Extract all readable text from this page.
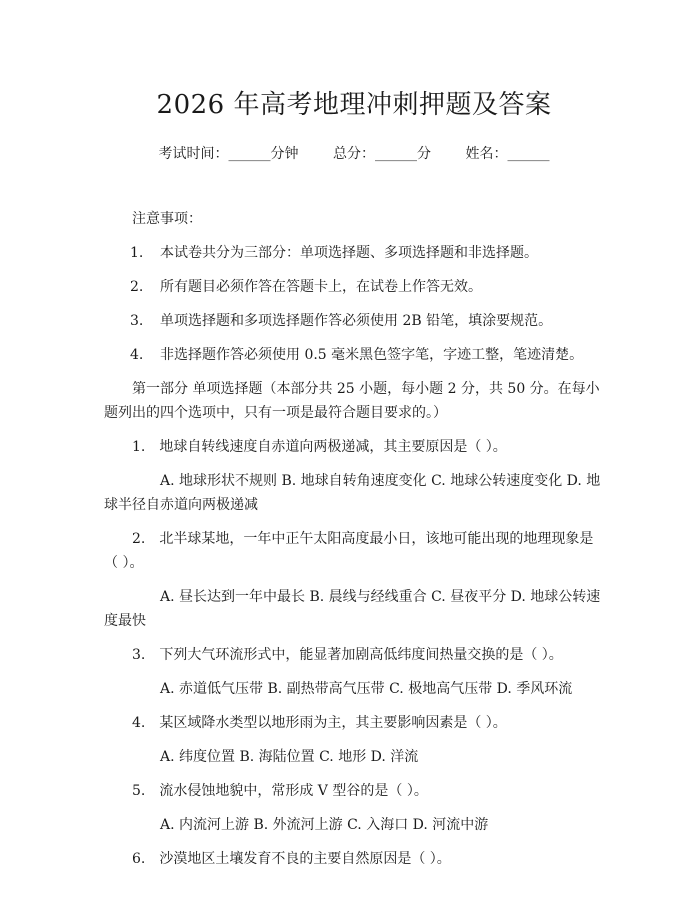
2026 年高考地理冲刺押题及答案
考试时间：______分钟 总分：______分 姓名：______

注意事项：

1.	本试卷共分为三部分：单项选择题、多项选择题和非选择题。
2.	所有题目必须作答在答题卡上，在试卷上作答无效。
3.	单项选择题和多项选择题作答必须使用 2B 铅笔，填涂要规范。
4.	非选择题作答必须使用 0.5 毫米黑色签字笔，字迹工整，笔迹清楚。

第一部分 单项选择题（本部分共 25 小题，每小题 2 分，共 50 分。在每小题列出的四个选项中，只有一项是最符合题目要求的。）

1.  地球自转线速度自赤道向两极递减，其主要原因是（ ）。

A. 地球形状不规则 B. 地球自转角速度变化 C. 地球公转速度变化 D. 地球半径自赤道向两极递减

2.  北半球某地，一年中正午太阳高度最小日，该地可能出现的地理现象是（ ）。

A. 昼长达到一年中最长 B. 晨线与经线重合 C. 昼夜平分 D. 地球公转速度最快

3.  下列大气环流形式中，能显著加剧高低纬度间热量交换的是（ ）。

A. 赤道低气压带 B. 副热带高气压带 C. 极地高气压带 D. 季风环流

4.  某区域降水类型以地形雨为主，其主要影响因素是（ ）。

A. 纬度位置 B. 海陆位置 C. 地形 D. 洋流

5.  流水侵蚀地貌中，常形成 V 型谷的是（ ）。

A. 内流河上游 B. 外流河上游 C. 入海口 D. 河流中游

6.  沙漠地区土壤发育不良的主要自然原因是（ ）。
